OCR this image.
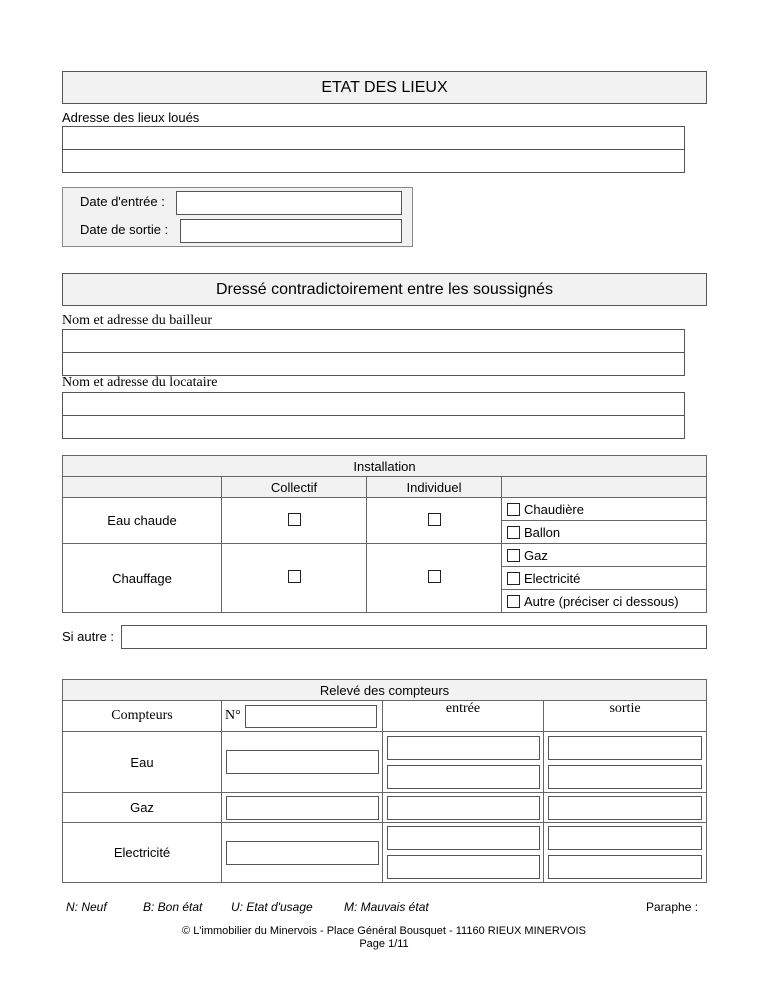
ETAT DES LIEUX
Adresse des lieux loués
Date d'entrée :
Date de sortie :
Dressé contradictoirement entre les soussignés
Nom et adresse du bailleur
Nom et adresse du locataire
Installation			
	Collectif	Individuel	
Eau chaude			Chaudière
Ballon

Chauffage			Gaz
Electricité
Autre (préciser ci dessous)
Si autre :
Relevé des compteurs			
Compteurs	N°	entrée	sortie
Eau	

Gaz	

Electricité	

N: Neuf	B: Bon état U: Etat d'usage	M: Mauvais état	Paraphe :
© L'immobilier du Minervois - Place Général Bousquet - 11160 RIEUX MINERVOIS
Page 1/11
